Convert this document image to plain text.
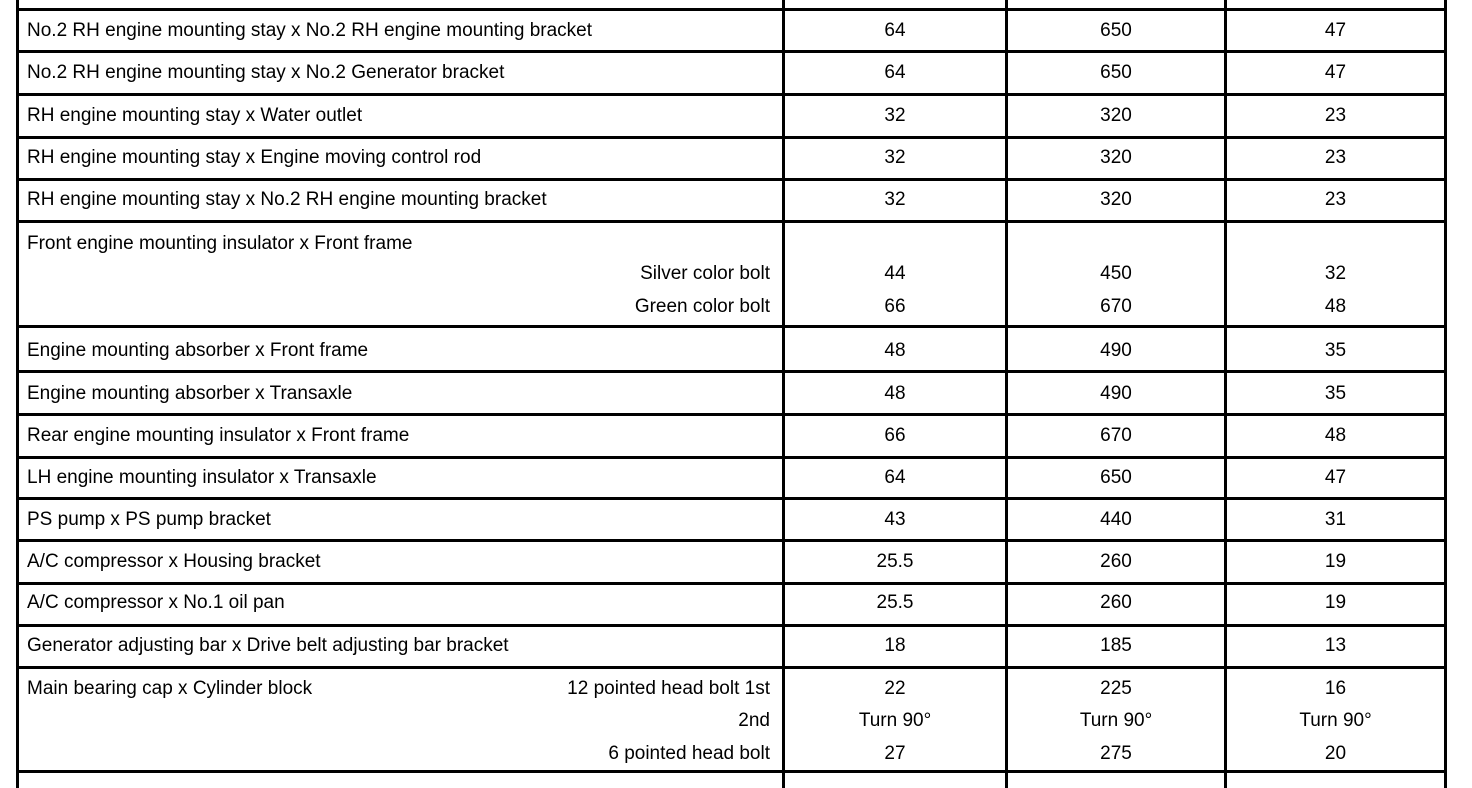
No.2 RH engine mounting stay x No.2 RH engine mounting bracket	64	650	47
No.2 RH engine mounting stay x No.2 Generator bracket	64	650	47
RH engine mounting stay x Water outlet	32	320	23
RH engine mounting stay x Engine moving control rod	32	320	23
RH engine mounting stay x No.2 RH engine mounting bracket	32	320	23
Front engine mounting insulator x Front frame
Silver color bolt	44	450	32
Green color bolt	66	670	48
Engine mounting absorber x Front frame	48	490	35
Engine mounting absorber x Transaxle	48	490	35
Rear engine mounting insulator x Front frame	66	670	48
LH engine mounting insulator x Transaxle	64	650	47
PS pump x PS pump bracket	43	440	31
A/C compressor x Housing bracket	25.5	260	19
A/C compressor x No.1 oil pan	25.5	260	19
Generator adjusting bar x Drive belt adjusting bar bracket	18	185	13
Main bearing cap x Cylinder block	12 pointed head bolt 1st	22	225	16
2nd	Turn 90°	Turn 90°	Turn 90°
6 pointed head bolt	27	275	20
